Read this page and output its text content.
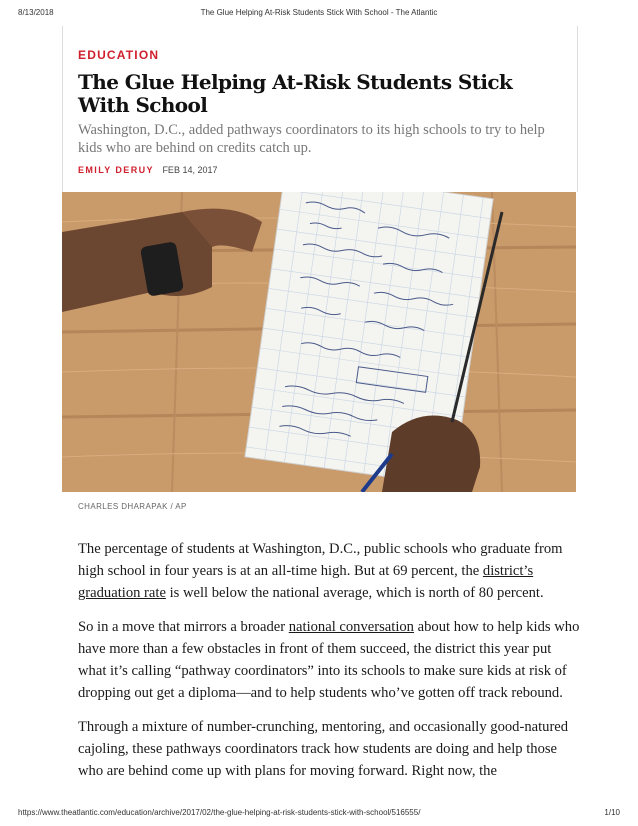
8/13/2018	The Glue Helping At-Risk Students Stick With School - The Atlantic
EDUCATION
The Glue Helping At-Risk Students Stick With School
Washington, D.C., added pathways coordinators to its high schools to try to help kids who are behind on credits catch up.
EMILY DERUY FEB 14, 2017
CHARLES DHARAPAK / AP

The percentage of students at Washington, D.C., public schools who graduate from high school in four years is at an all-time high. But at 69 percent, the district’s graduation rate is well below the national average, which is north of 80 percent.

So in a move that mirrors a broader national conversation about how to help kids who have more than a few obstacles in front of them succeed, the district this year put what it’s calling “pathway coordinators” into its schools to make sure kids at risk of dropping out get a diploma—and to help students who’ve gotten off track rebound.

Through a mixture of number-crunching, mentoring, and occasionally good-natured cajoling, these pathways coordinators track how students are doing and help those who are behind come up with plans for moving forward. Right now, the

https://www.theatlantic.com/education/archive/2017/02/the-glue-helping-at-risk-students-stick-with-school/516555/	1/10
